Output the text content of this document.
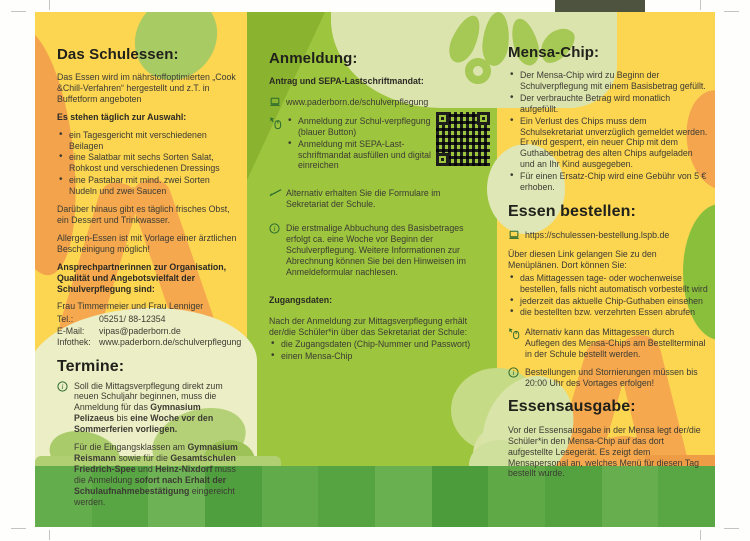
Das Schulessen:

Das Essen wird im nährstoffoptimierten „Cook &Chill-Verfahren“ hergestellt und z.T. in Buffetform angeboten

Es stehen täglich zur Auswahl:

• ein Tagesgericht mit verschiedenen Beilagen
• eine Salatbar mit sechs Sorten Salat, Rohkost und verschiedenen Dressings
• eine Pastabar mit mind. zwei Sorten Nudeln und zwei Saucen

Darüber hinaus gibt es täglich frisches Obst, ein Dessert und Trinkwasser.

Allergen-Essen ist mit Vorlage einer ärztlichen Bescheinigung möglich!

Ansprechpartnerinnen zur Organisation, Qualität und Angebotsvielfalt der Schulverpflegung sind:

Frau Timmermeier und Frau Lenniger

Tel.:	05251/ 88-12354
E-Mail:	vipas@paderborn.de
Infothek: www.paderborn.de/schulverpflegung
Termine:

i Soll die Mittagsverpflegung direkt zum neuen Schuljahr beginnen, muss die Anmeldung für das Gymnasium Pelizaeus bis eine Woche vor den Sommerferien vorliegen.

Für die Eingangsklassen am Gymnasium Reismann sowie für die Gesamtschulen Friedrich-Spee und Heinz-Nixdorf muss die Anmeldung sofort nach Erhalt der Schulaufnahmebestätigung eingereicht werden.

Anmeldung:

Antrag und SEPA-Lastschriftmandat:

www.paderborn.de/schulverpflegung

• Anmeldung zur Schul-verpflegung (blauer Button)
• Anmeldung mit SEPA-Last-schriftmandat ausfüllen und digital einreichen

Alternativ erhalten Sie die Formulare im Sekretariat der Schule.

i Die erstmalige Abbuchung des Basisbetrages erfolgt ca. eine Woche vor Beginn der Schulverpflegung. Weitere Informationen zur Abrechnung können Sie bei den Hinweisen im Anmeldeformular nachlesen.

Zugangsdaten:

Nach der Anmeldung zur Mittagsverpflegung erhält der/die Schüler*in über das Sekretariat der Schule:

• die Zugangsdaten (Chip-Nummer und Passwort)
• einen Mensa-Chip
Mensa-Chip:
• Der Mensa-Chip wird zu Beginn der Schulverpflegung mit einem Basisbetrag gefüllt.
• Der verbrauchte Betrag wird monatlich aufgefüllt.
• Ein Verlust des Chips muss dem Schulsekretariat unverzüglich gemeldet werden. Er wird gesperrt, ein neuer Chip mit dem Guthabenbetrag des alten Chips aufgeladen und an Ihr Kind ausgegeben.
• Für einen Ersatz-Chip wird eine Gebühr von 5 € erhoben.
Essen bestellen:

https://schulessen-bestellung.lspb.de

Über diesen Link gelangen Sie zu den Menüplänen. Dort können Sie:

• das Mittagessen tage- oder wochenweise bestellen, falls nicht automatisch vorbestellt wird
• jederzeit das aktuelle Chip-Guthaben einsehen
• die bestellten bzw. verzehrten Essen abrufen

Alternativ kann das Mittagessen durch Auflegen des Mensa-Chips am Bestellterminal in der Schule bestellt werden.

i Bestellungen und Stornierungen müssen bis 20:00 Uhr des Vortages erfolgen!

Essensausgabe:

Vor der Essensausgabe in der Mensa legt der/die Schüler*in den Mensa-Chip auf das dort aufgestellte Lesegerät. Es zeigt dem Mensapersonal an, welches Menü für diesen Tag bestellt wurde.
